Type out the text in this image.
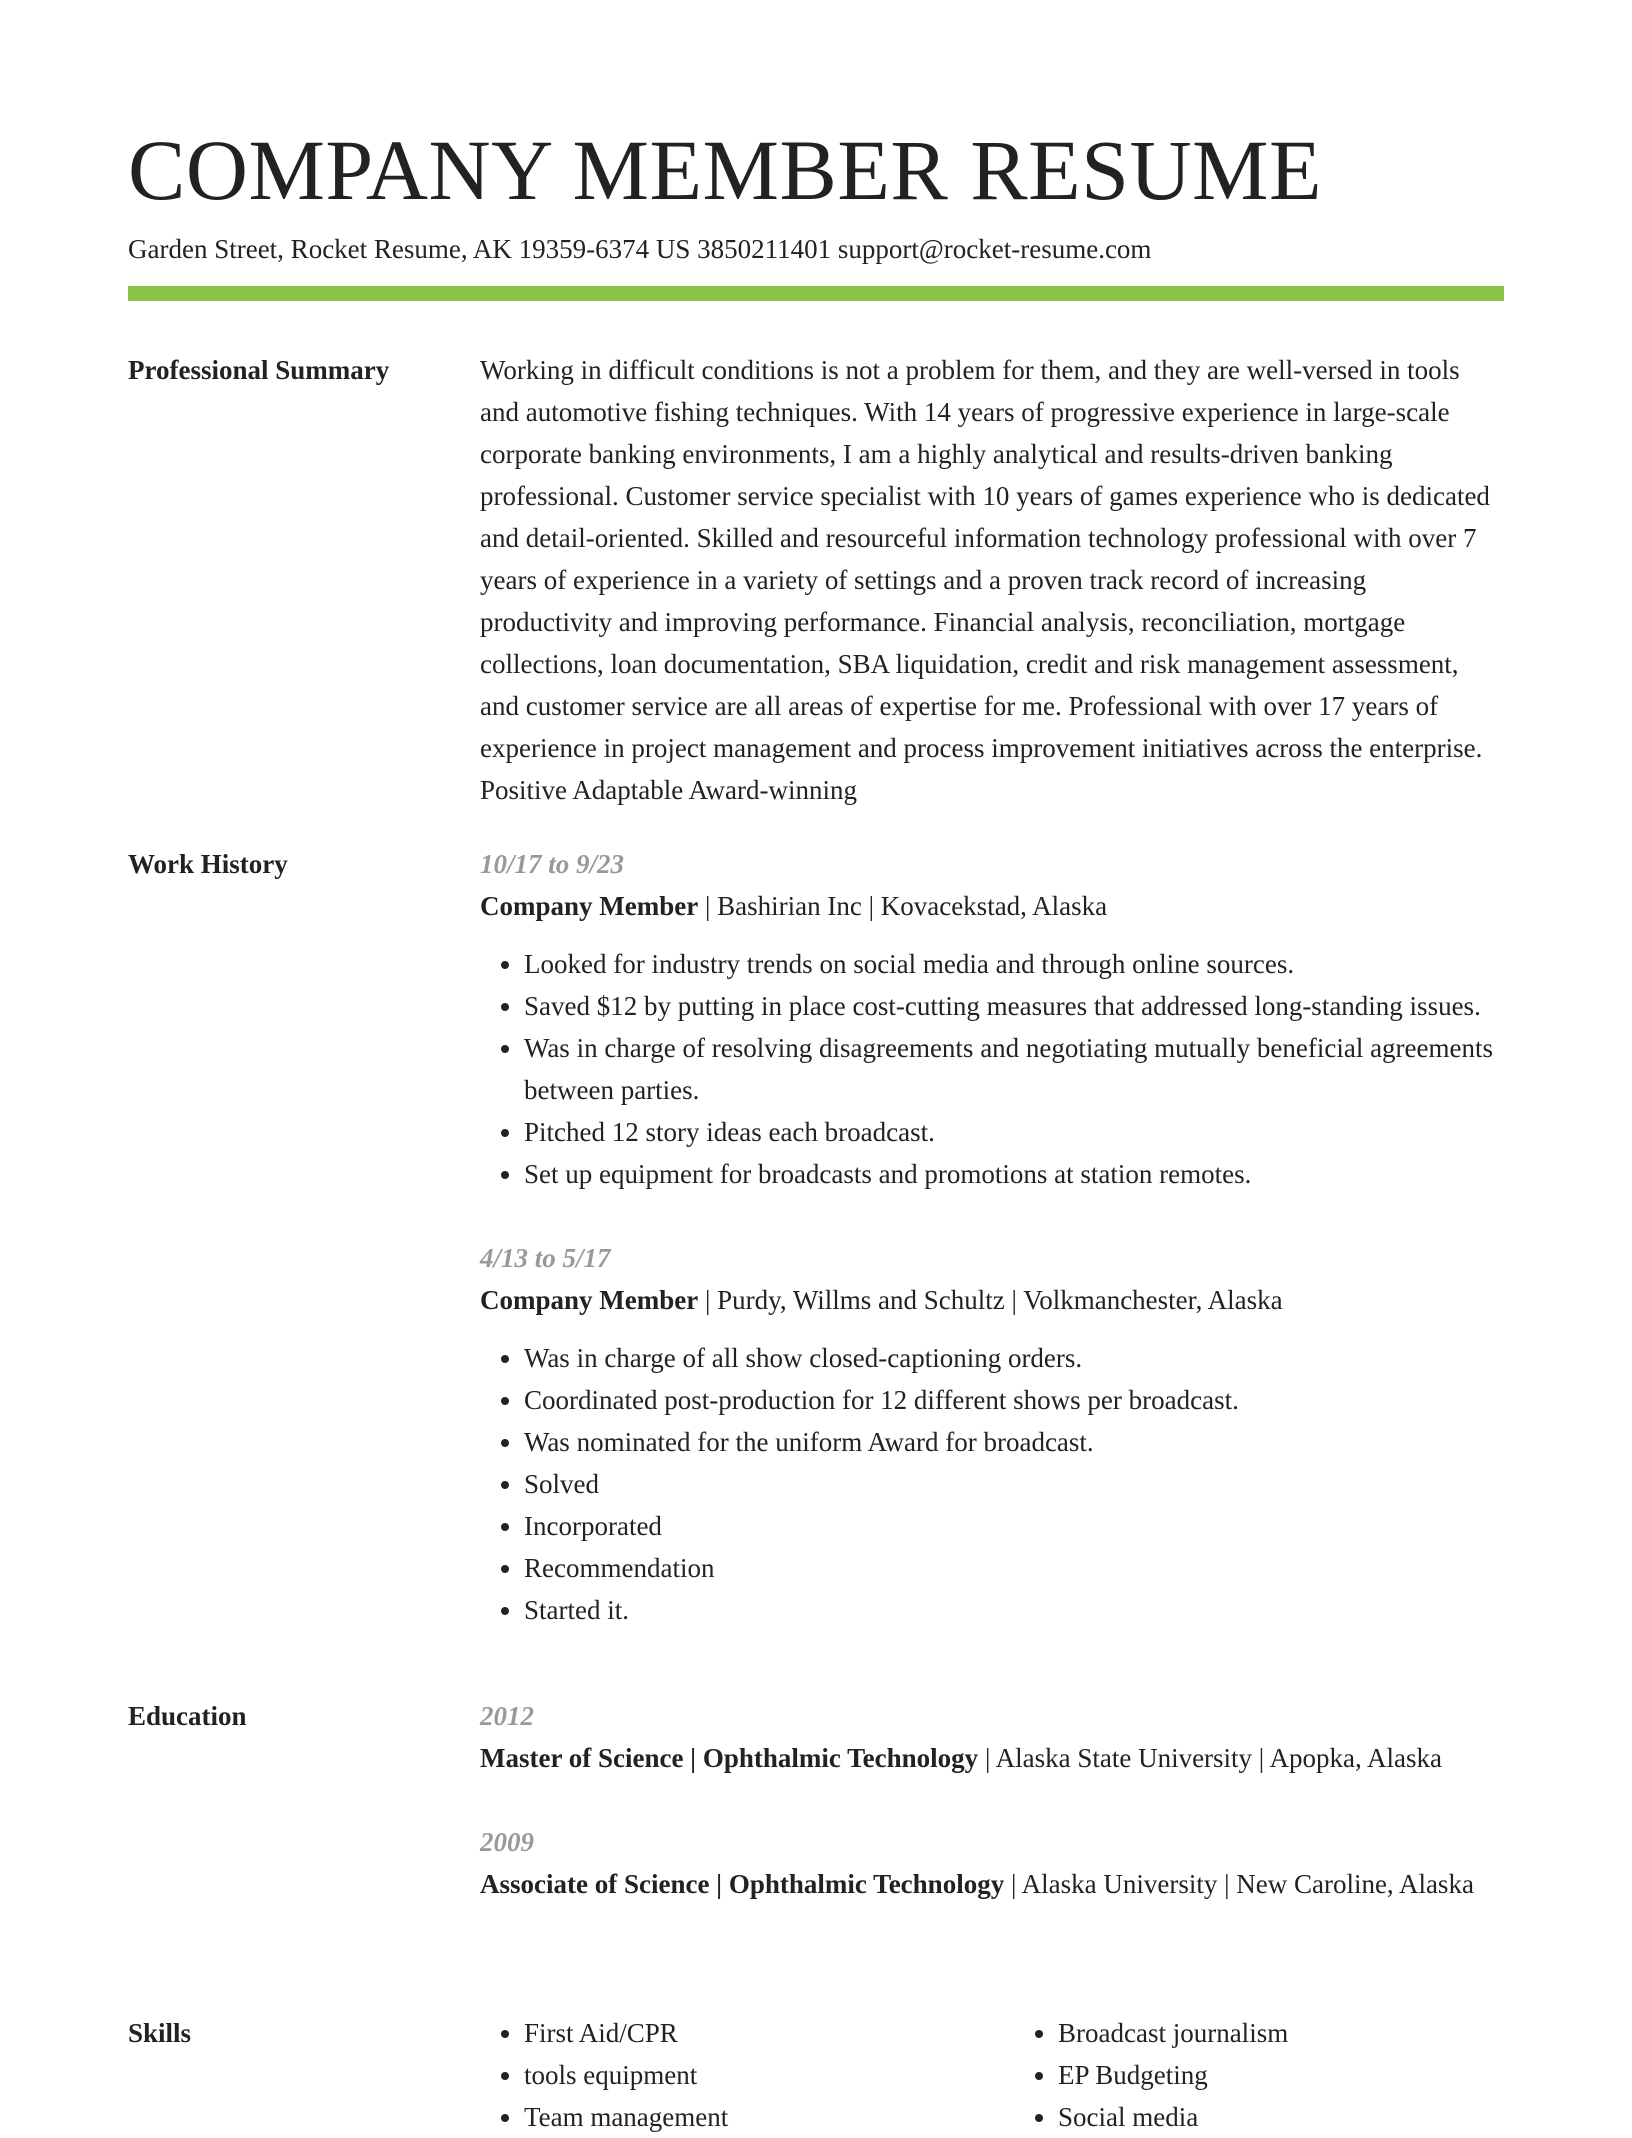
COMPANY MEMBER RESUME
Garden Street, Rocket Resume, AK 19359-6374 US 3850211401 support@rocket-resume.com
Professional Summary	Working in difficult conditions is not a problem for them, and they are well-versed in tools and automotive fishing techniques. With 14 years of progressive experience in large-scale corporate banking environments, I am a highly analytical and results-driven banking professional. Customer service specialist with 10 years of games experience who is dedicated and detail-oriented. Skilled and resourceful information technology professional with over 7 years of experience in a variety of settings and a proven track record of increasing productivity and improving performance. Financial analysis, reconciliation, mortgage collections, loan documentation, SBA liquidation, credit and risk management assessment, and customer service are all areas of expertise for me. Professional with over 17 years of experience in project management and process improvement initiatives across the enterprise. Positive Adaptable Award-winning

Work History	10/17 to 9/23
Company Member | Bashirian Inc | Kovacekstad, Alaska
• Looked for industry trends on social media and through online sources.
• Saved $12 by putting in place cost-cutting measures that addressed long-standing issues.
• Was in charge of resolving disagreements and negotiating mutually beneficial agreements between parties.
• Pitched 12 story ideas each broadcast.
• Set up equipment for broadcasts and promotions at station remotes.
4/13 to 5/17
Company Member | Purdy, Willms and Schultz | Volkmanchester, Alaska
• Was in charge of all show closed-captioning orders.
• Coordinated post-production for 12 different shows per broadcast.
• Was nominated for the uniform Award for broadcast.
• Solved
• Incorporated
• Recommendation
• Started it.
Education	2012
Master of Science | Ophthalmic Technology | Alaska State University | Apopka, Alaska
2009
Associate of Science | Ophthalmic Technology | Alaska University | New Caroline, Alaska
Skills
•	First Aid/CPR
• tools equipment
• Team management
• Broadcast journalism
• EP Budgeting
• Social media
